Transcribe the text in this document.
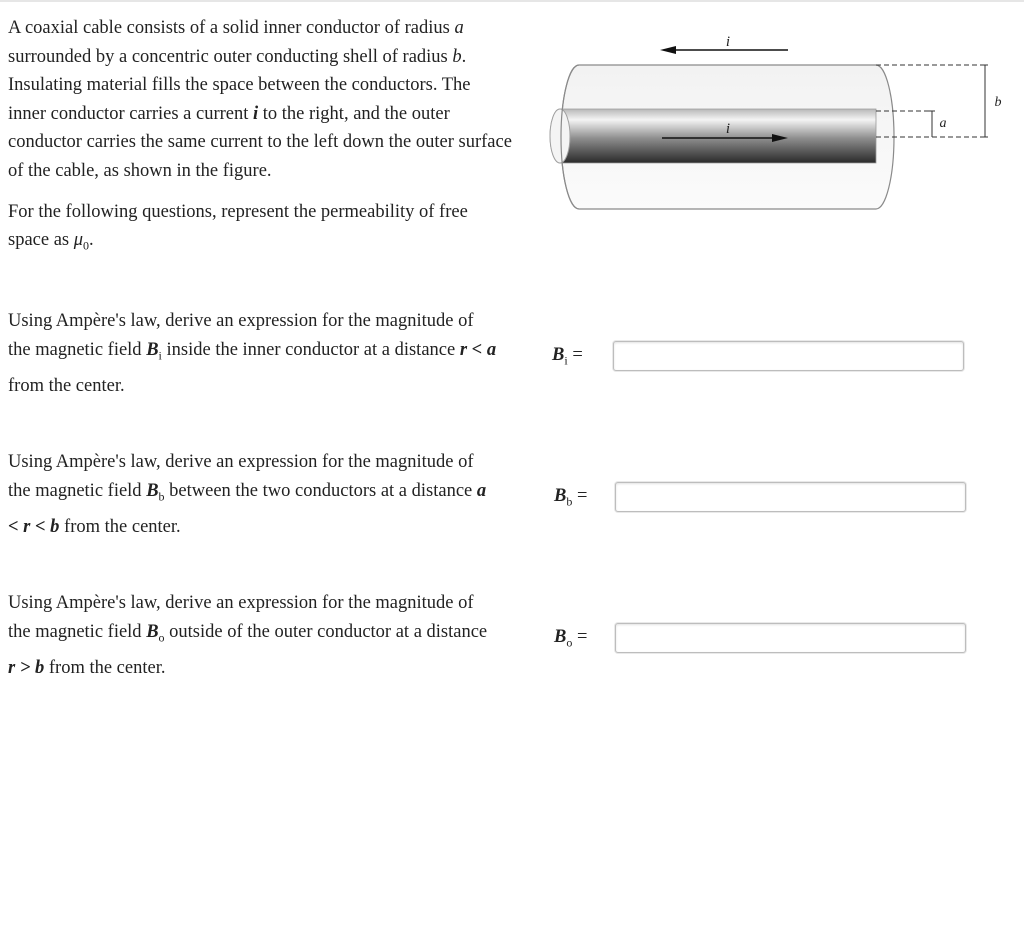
A coaxial cable consists of a solid inner conductor of radius a surrounded by a concentric outer conducting shell of radius b. Insulating material fills the space between the conductors. The inner conductor carries a current i to the right, and the outer conductor carries the same current to the left down the outer surface of the cable, as shown in the figure.

For the following questions, represent the permeability of free space as $\mu_0$.

i
i	a
b

Using Ampère's law, derive an expression for the magnitude of the magnetic field $B_i$ inside the inner conductor at a distance r < a from the center.

$B_i$ =

Using Ampère's law, derive an expression for the magnitude of the magnetic field $B_b$ between the two conductors at a distance a < r < b from the center.

$B_b$ =

Using Ampère's law, derive an expression for the magnitude of the magnetic field $B_o$ outside of the outer conductor at a distance r > b from the center.

$B_o$ =
